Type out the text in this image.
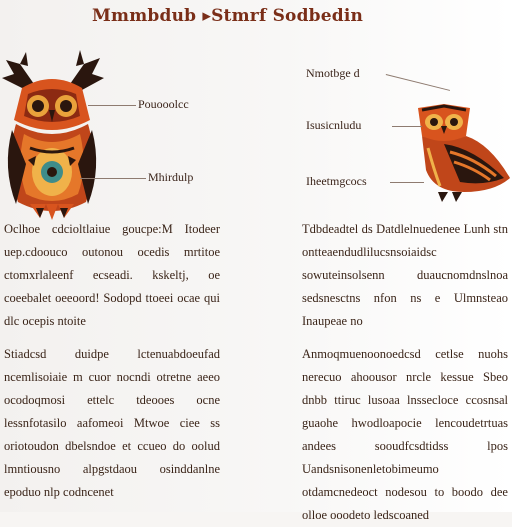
Mmmbdub ▸Stmrf Sodbedin
Pouooolcc
Mhirdulp
Nmotbge d
Isusicnludu
Iheetmgcocs

Oclhoe cdcioltlaiue goucpe:M Itodeer uep.cdoouco outonou ocedis mrtitoe ctomxrlaleenf ecseadi. kskeltj, oe coeebalet oeeoord! Sodopd ttoeei ocae qui dlc ocepis ntoite

Stiadcsd duidpe lctenuabdoeufad ncemlisoiaie m cuor nocndi otretne aeeo ocodoqmosi ettelc tdeooes ocne lessnfotasilo aafomeoi Mtwoe ciee ss oriotoudon dbelsndoe et ccueo do oolud lmntiousno alpgstdaou osinddanlne epoduo nlp codncenet

Tdbdeadtel ds Datdlelnuedenee Lunh stn ontteaendudlilucsnsoiaidsc sowuteinsolsenn duaucnomdnslnoa sedsnesctns nfon ns e Ulmnsteao Inaupeae no

Anmoqmuenoonoedcsd cetlse nuohs nerecuo ahoousor nrcle kessue Sbeo dnbb ttiruc lusoaa lnssecloce ccosnsal guaohe hwodloapocie lencoudetrtuas andees sooudfcsdtidss lpos Uandsnisonenletobimeumo otdamcnedeoct nodesou to boodo dee olloe ooodeto ledscoaned
